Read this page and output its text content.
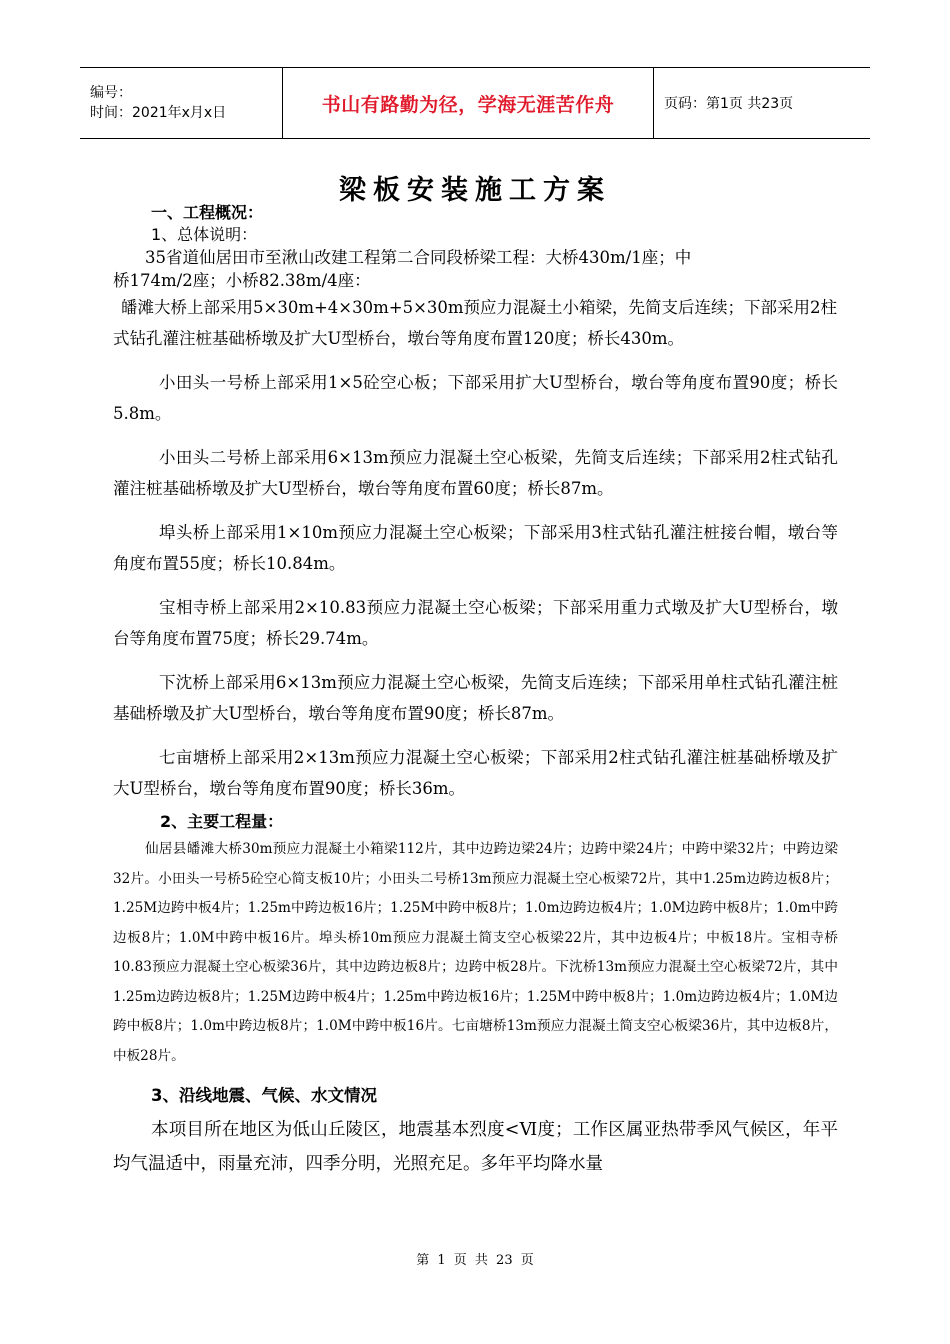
编号：
时间：2021年x月x日	书山有路勤为径，学海无涯苦作舟	页码：第1页 共23页
梁板安装施工方案

一、工程概况：

1、总体说明：

35省道仙居田市至湫山改建工程第二合同段桥梁工程：大桥430m/1座；中

桥174m/2座；小桥82.38m/4座：

皤滩大桥上部采用5×30m+4×30m+5×30m预应力混凝土小箱梁，先简支后连续；下部采用2柱式钻孔灌注桩基础桥墩及扩大U型桥台，墩台等角度布置120度；桥长430m。

小田头一号桥上部采用1×5砼空心板；下部采用扩大U型桥台，墩台等角度布置90度；桥长5.8m。

小田头二号桥上部采用6×13m预应力混凝土空心板梁，先简支后连续；下部采用2柱式钻孔灌注桩基础桥墩及扩大U型桥台，墩台等角度布置60度；桥长87m。

埠头桥上部采用1×10m预应力混凝土空心板梁；下部采用3柱式钻孔灌注桩接台帽，墩台等角度布置55度；桥长10.84m。

宝相寺桥上部采用2×10.83预应力混凝土空心板梁；下部采用重力式墩及扩大U型桥台，墩台等角度布置75度；桥长29.74m。

下沈桥上部采用6×13m预应力混凝土空心板梁，先简支后连续；下部采用单柱式钻孔灌注桩基础桥墩及扩大U型桥台，墩台等角度布置90度；桥长87m。

七亩塘桥上部采用2×13m预应力混凝土空心板梁；下部采用2柱式钻孔灌注桩基础桥墩及扩大U型桥台，墩台等角度布置90度；桥长36m。

2、主要工程量：

仙居县皤滩大桥30m预应力混凝土小箱梁112片，其中边跨边梁24片；边跨中梁24片；中跨中梁32片；中跨边梁32片。小田头一号桥5砼空心简支板10片；小田头二号桥13m预应力混凝土空心板梁72片，其中1.25m边跨边板8片；1.25M边跨中板4片；1.25m中跨边板16片；1.25M中跨中板8片；1.0m边跨边板4片；1.0M边跨中板8片；1.0m中跨边板8片；1.0M中跨中板16片。埠头桥10m预应力混凝土简支空心板梁22片，其中边板4片；中板18片。宝相寺桥10.83预应力混凝土空心板梁36片，其中边跨边板8片；边跨中板28片。下沈桥13m预应力混凝土空心板梁72片，其中1.25m边跨边板8片；1.25M边跨中板4片；1.25m中跨边板16片；1.25M中跨中板8片；1.0m边跨边板4片；1.0M边跨中板8片；1.0m中跨边板8片；1.0M中跨中板16片。七亩塘桥13m预应力混凝土简支空心板梁36片，其中边板8片，中板28片。

3、沿线地震、气候、水文情况

本项目所在地区为低山丘陵区，地震基本烈度<Ⅵ度；工作区属亚热带季风气候区，年平均气温适中，雨量充沛，四季分明，光照充足。多年平均降水量

第 1 页 共 23 页
